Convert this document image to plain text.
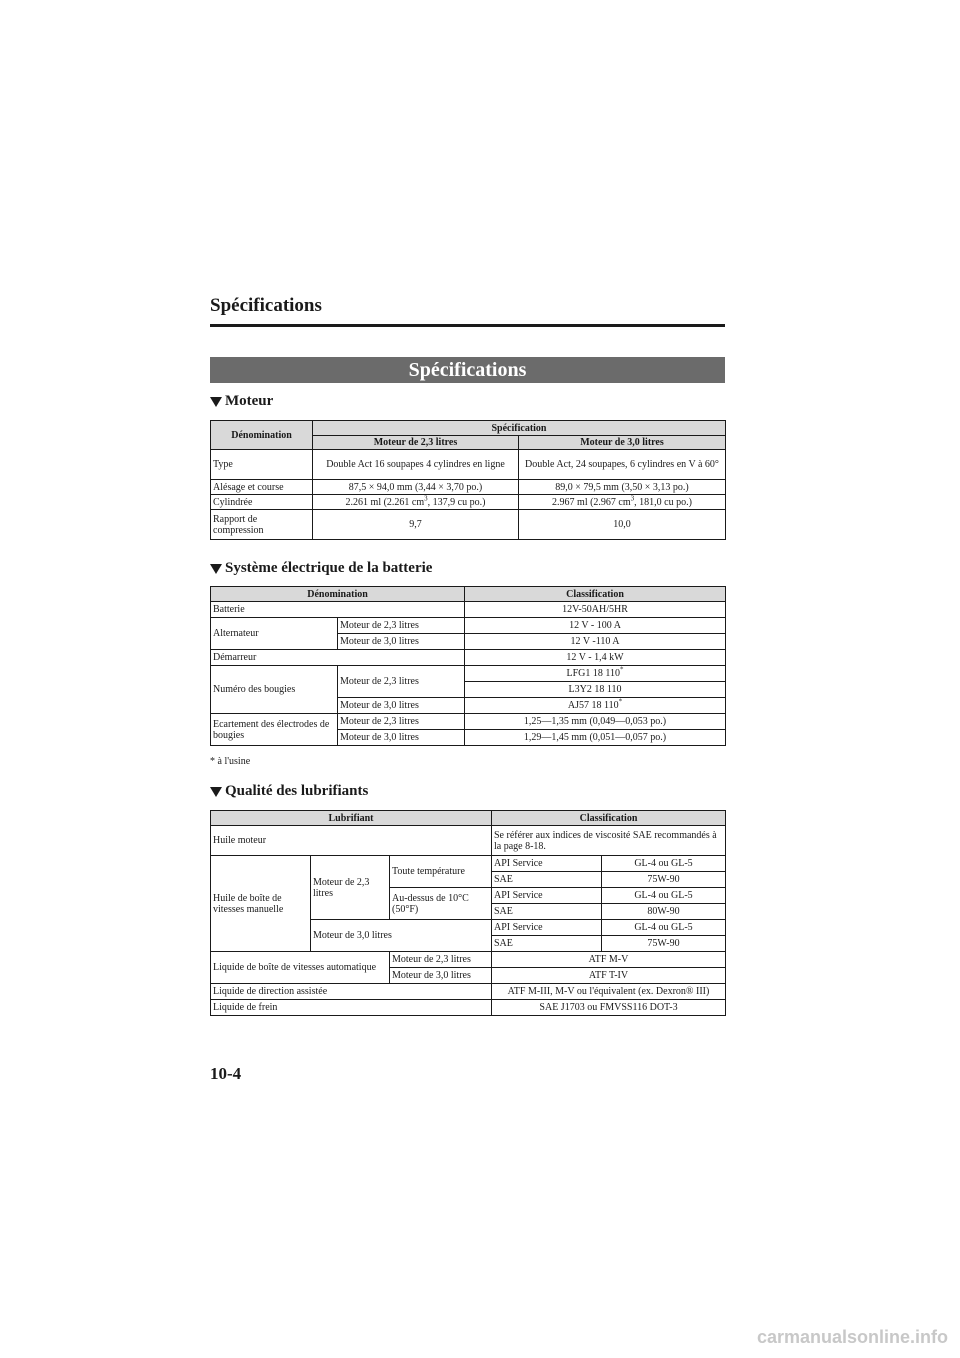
Spécifications
Spécifications
Moteur
Dénomination	Spécification	
	Moteur de 2,3 litres	Moteur de 3,0 litres
Type	Double Act 16 soupapes 4 cylindres en ligne	Double Act, 24 soupapes, 6 cylindres en V à 60°
Alésage et course	87,5 × 94,0 mm (3,44 × 3,70 po.)	89,0 × 79,5 mm (3,50 × 3,13 po.)
Cylindrée	2.261 ml (2.261 $cm^3$, 137,9 cu po.)	2.967 ml (2.967 $cm^3$, 181,0 cu po.)
Rapport de compression	9,7	10,0
Système électrique de la batterie
Dénomination		Classification
Batterie		12V-50AH/5HR
Alternateur	Moteur de 2,3 litres	12 V - 100 A
	Moteur de 3,0 litres	12 V -110 A
Démarreur		12 V - 1,4 kW
Numéro des bougies	Moteur de 2,3 litres	LFG1 18 110*
		L3Y2 18 110
	Moteur de 3,0 litres	AJ57 18 110*
Ecartement des électrodes de bougies	Moteur de 2,3 litres	1,25―1,35 mm (0,049―0,053 po.)
	Moteur de 3,0 litres	1,29―1,45 mm (0,051―0,057 po.)
* à l'usine
Qualité des lubrifiants
Lubrifiant			Classification	
Huile moteur			Se référer aux indices de viscosité SAE recommandés à la page 8-18.	
Huile de boîte de vitesses manuelle	Moteur de 2,3 litres	Toute température	API Service	GL-4 ou GL-5
			SAE	75W-90
		Au-dessus de 10°C (50°F)	API Service	GL-4 ou GL-5
			SAE	80W-90
	Moteur de 3,0 litres		API Service	GL-4 ou GL-5
			SAE	75W-90
Liquide de boîte de vitesses automatique		Moteur de 2,3 litres	ATF M-V	
		Moteur de 3,0 litres	ATF T-IV	
Liquide de direction assistée			ATF M-III, M-V ou l'équivalent (ex. Dexron® III)	
Liquide de frein			SAE J1703 ou FMVSS116 DOT-3	
10-4
carmanualsonline.info
